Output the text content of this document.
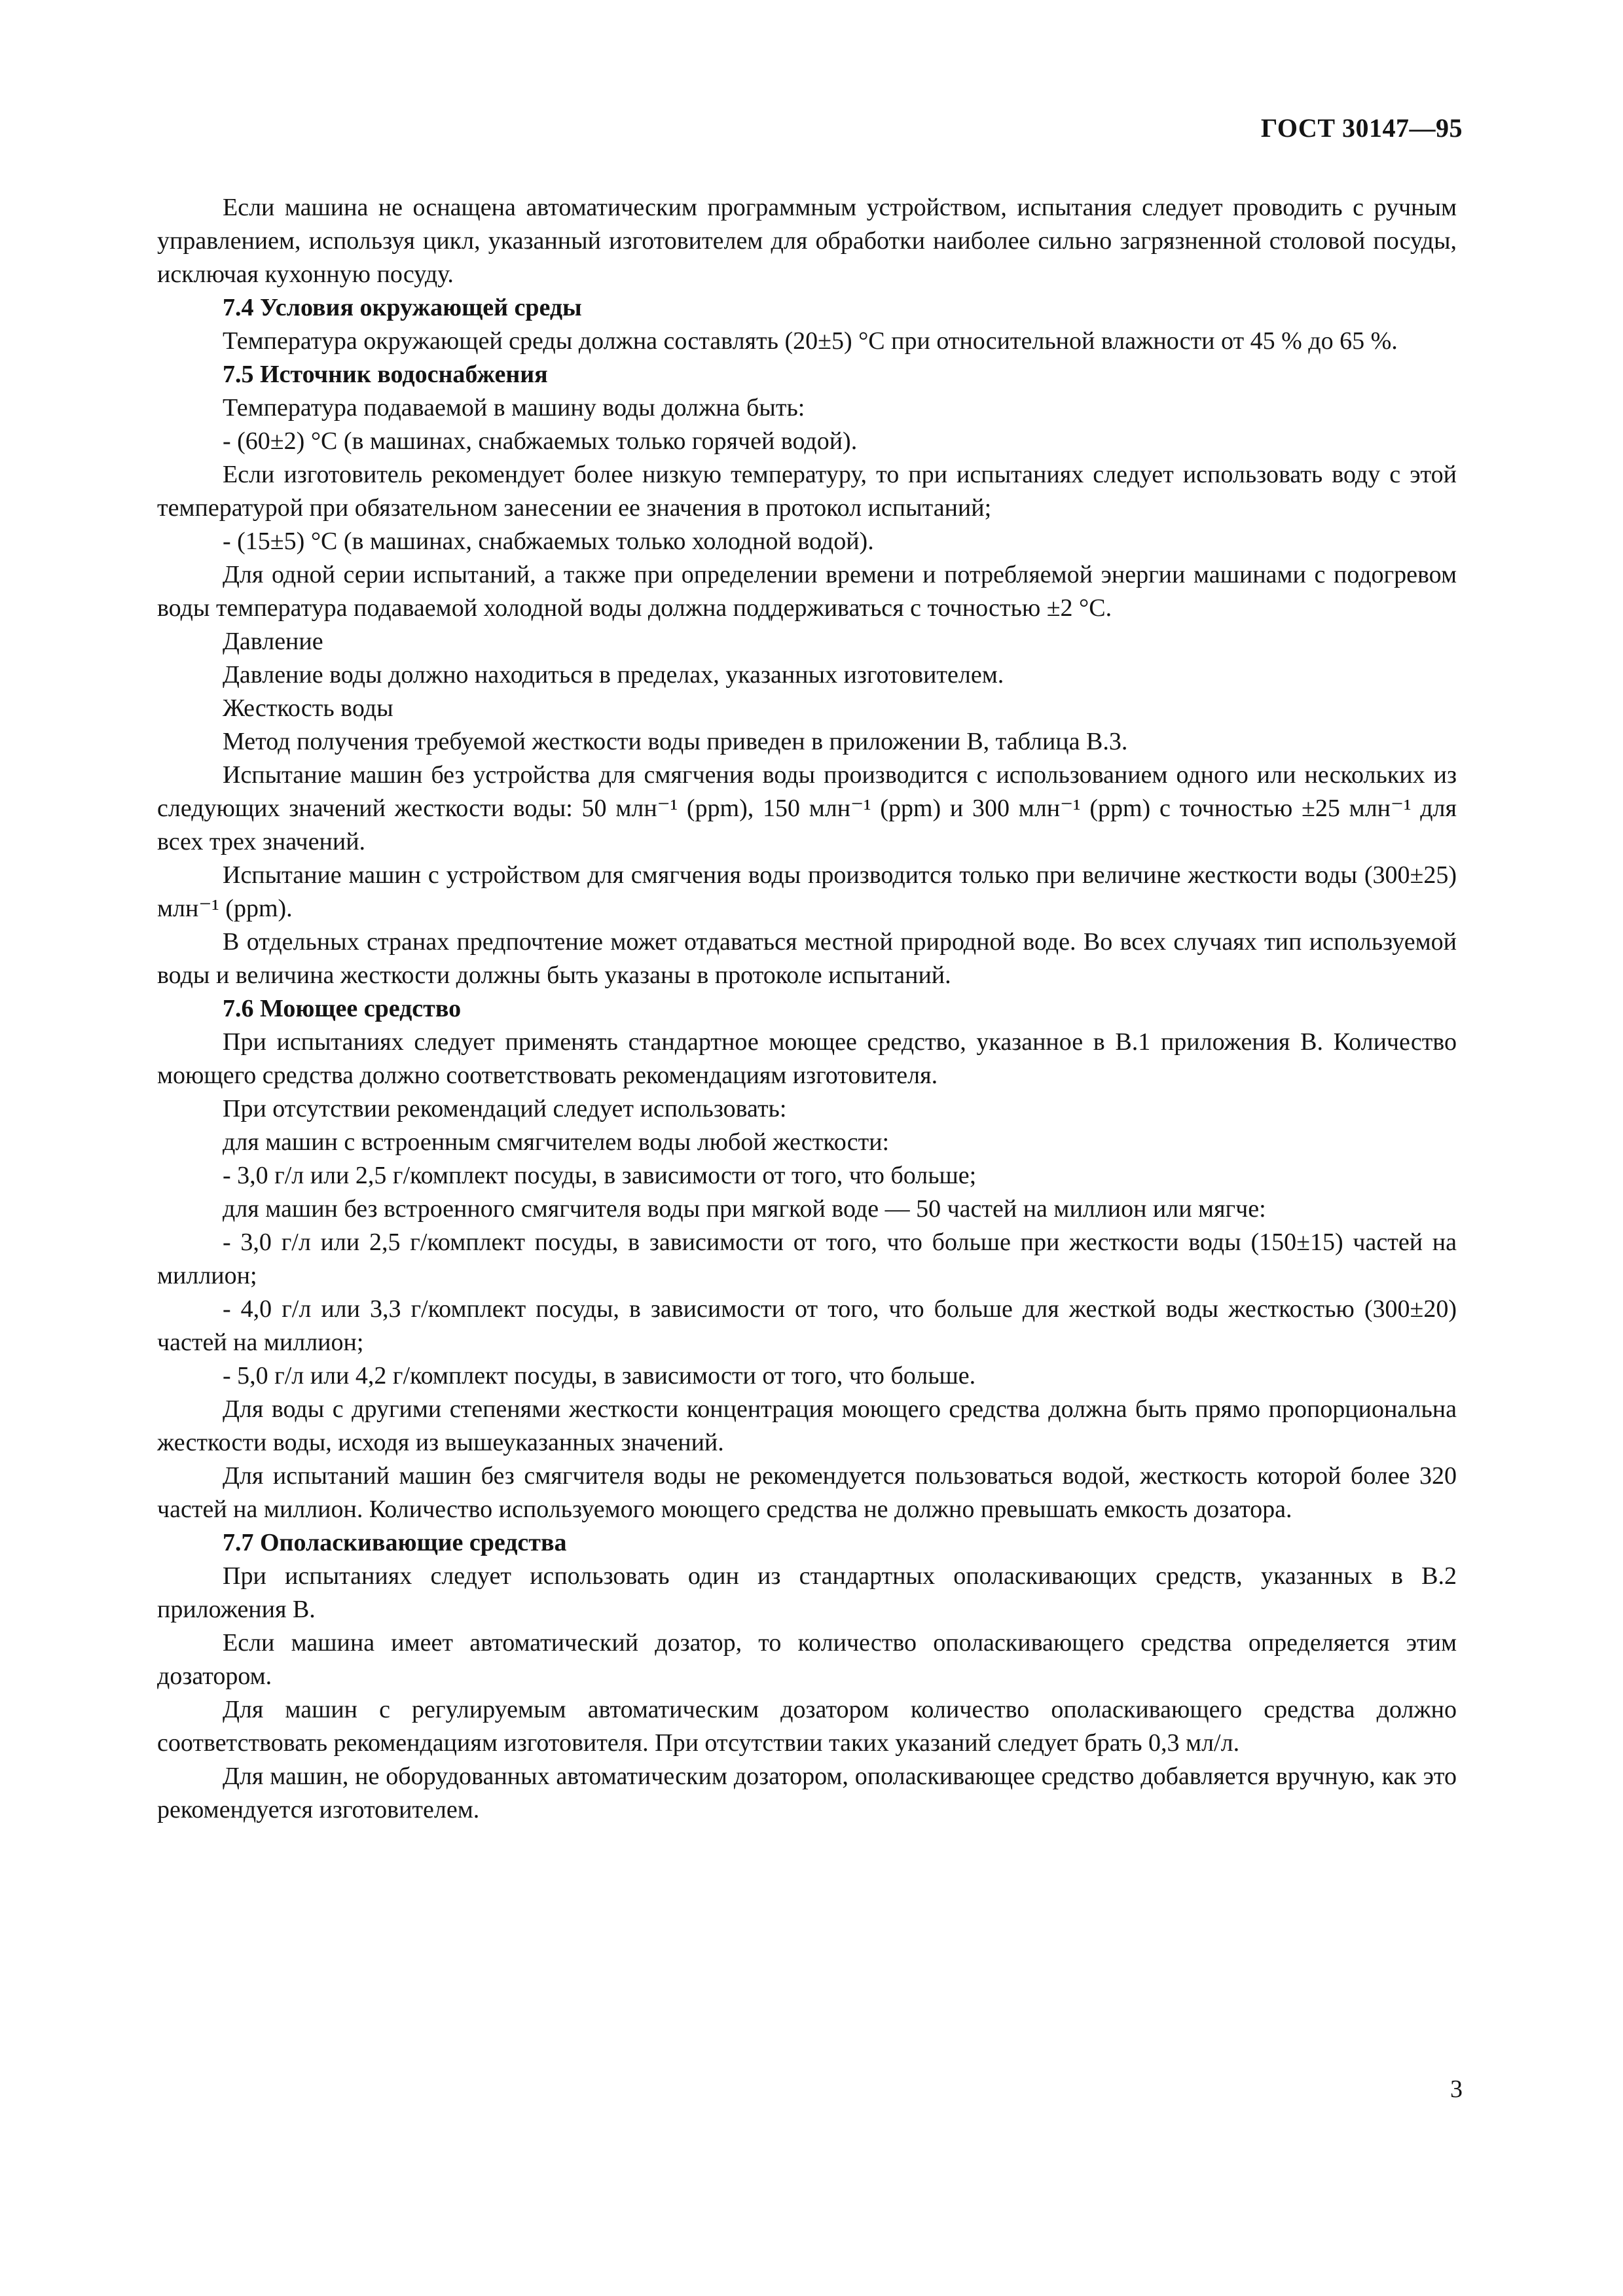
ГОСТ 30147—95

Если машина не оснащена автоматическим программным устройством, испытания следует проводить с ручным управлением, используя цикл, указанный изготовителем для обработки наиболее сильно загрязненной столовой посуды, исключая кухонную посуду.

7.4 Условия окружающей среды

Температура окружающей среды должна составлять (20±5) °С при относительной влажности от 45 % до 65 %.

7.5 Источник водоснабжения

Температура подаваемой в машину воды должна быть:

- (60±2) °С (в машинах, снабжаемых только горячей водой).

Если изготовитель рекомендует более низкую температуру, то при испытаниях следует использовать воду с этой температурой при обязательном занесении ее значения в протокол испытаний;

- (15±5) °С (в машинах, снабжаемых только холодной водой).

Для одной серии испытаний, а также при определении времени и потребляемой энергии машинами с подогревом воды температура подаваемой холодной воды должна поддерживаться с точностью ±2 °С.

Давление

Давление воды должно находиться в пределах, указанных изготовителем.

Жесткость воды

Метод получения требуемой жесткости воды приведен в приложении В, таблица В.3.

Испытание машин без устройства для смягчения воды производится с использованием одного или нескольких из следующих значений жесткости воды: 50 млн⁻¹ (ppm), 150 млн⁻¹ (ppm) и 300 млн⁻¹ (ppm) с точностью ±25 млн⁻¹ для всех трех значений.

Испытание машин с устройством для смягчения воды производится только при величине жесткости воды (300±25) млн⁻¹ (ppm).

В отдельных странах предпочтение может отдаваться местной природной воде. Во всех случаях тип используемой воды и величина жесткости должны быть указаны в протоколе испытаний.

7.6 Моющее средство

При испытаниях следует применять стандартное моющее средство, указанное в В.1 приложения В. Количество моющего средства должно соответствовать рекомендациям изготовителя.

При отсутствии рекомендаций следует использовать:

для машин с встроенным смягчителем воды любой жесткости:

- 3,0 г/л или 2,5 г/комплект посуды, в зависимости от того, что больше;

для машин без встроенного смягчителя воды при мягкой воде — 50 частей на миллион или мягче:

- 3,0 г/л или 2,5 г/комплект посуды, в зависимости от того, что больше при жесткости воды (150±15) частей на миллион;

- 4,0 г/л или 3,3 г/комплект посуды, в зависимости от того, что больше для жесткой воды жесткостью (300±20) частей на миллион;

- 5,0 г/л или 4,2 г/комплект посуды, в зависимости от того, что больше.

Для воды с другими степенями жесткости концентрация моющего средства должна быть прямо пропорциональна жесткости воды, исходя из вышеуказанных значений.

Для испытаний машин без смягчителя воды не рекомендуется пользоваться водой, жесткость которой более 320 частей на миллион. Количество используемого моющего средства не должно превышать емкость дозатора.

7.7 Ополаскивающие средства

При испытаниях следует использовать один из стандартных ополаскивающих средств, указанных в В.2 приложения В.

Если машина имеет автоматический дозатор, то количество ополаскивающего средства определяется этим дозатором.

Для машин с регулируемым автоматическим дозатором количество ополаскивающего средства должно соответствовать рекомендациям изготовителя. При отсутствии таких указаний следует брать 0,3 мл/л.

Для машин, не оборудованных автоматическим дозатором, ополаскивающее средство добавляется вручную, как это рекомендуется изготовителем.

3
